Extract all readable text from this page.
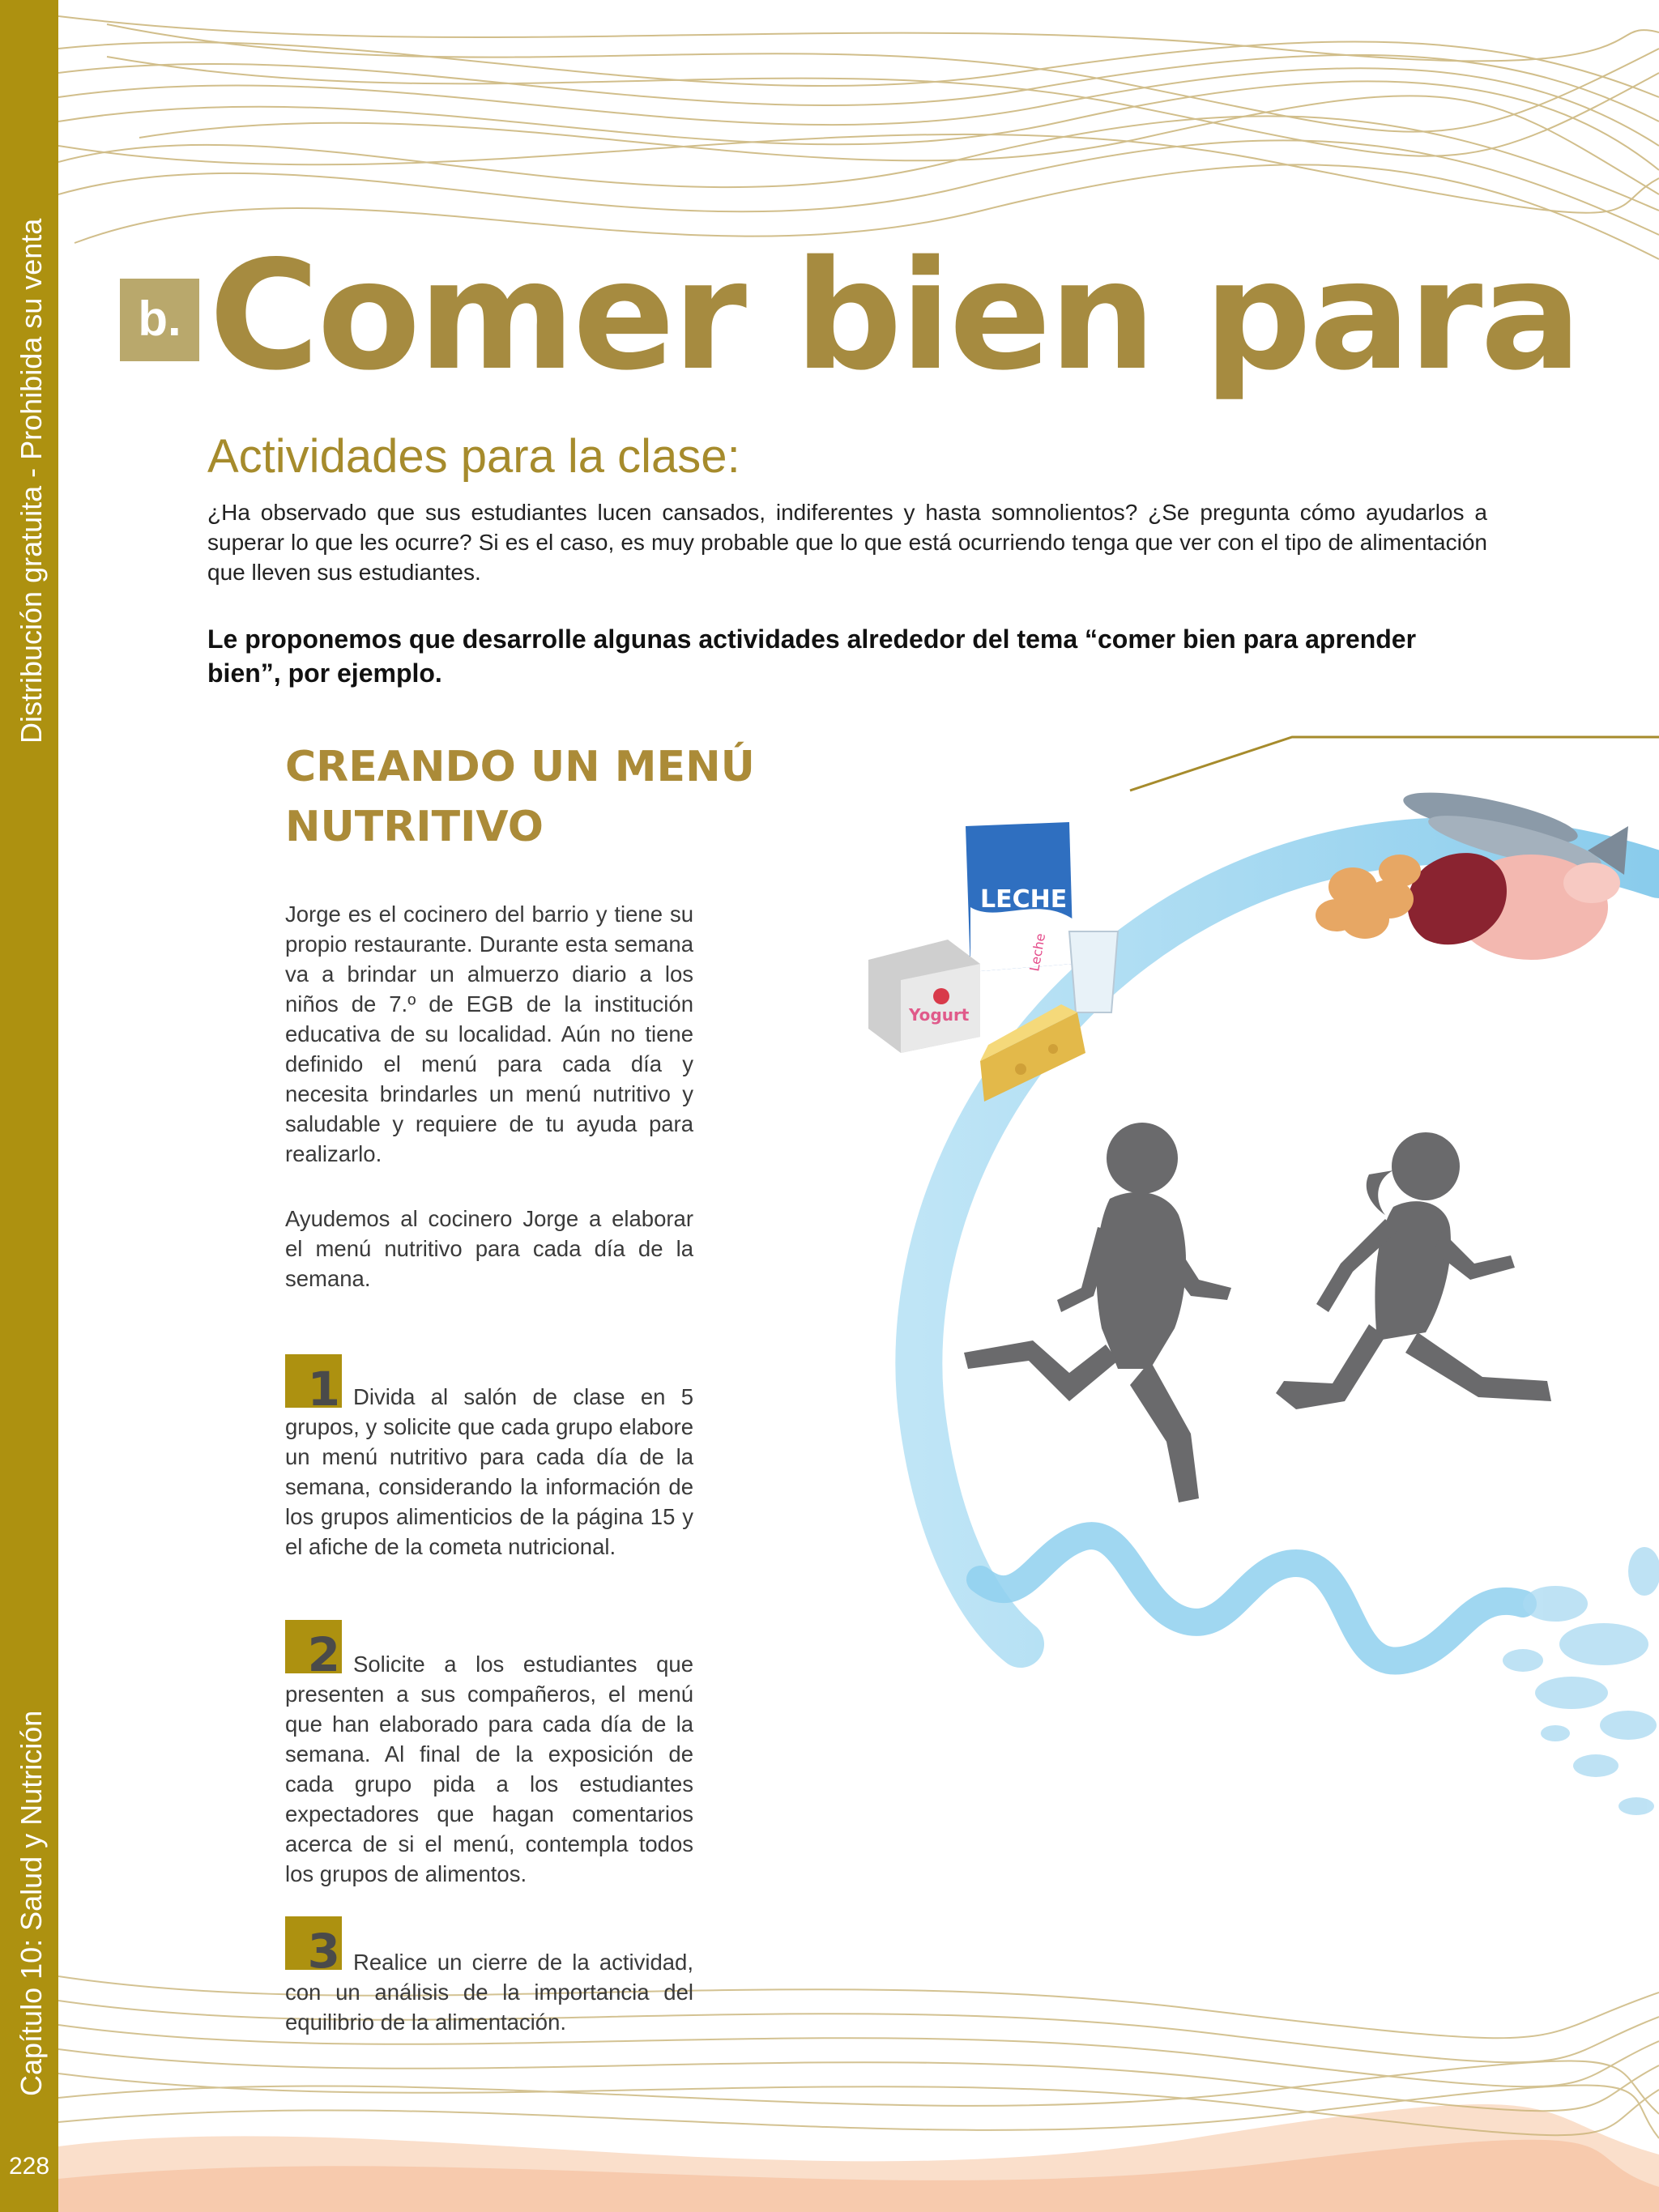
Distribución gratuita - Prohibida su venta
Capítulo 10: Salud y Nutrición
228
b. Comer bien para
Actividades para la clase:
¿Ha observado que sus estudiantes lucen cansados, indiferentes y hasta somnolientos? ¿Se pregunta cómo ayudarlos a superar lo que les ocurre? Si es el caso, es muy probable que lo que está ocurriendo tenga que ver con el tipo de alimentación que lleven sus estudiantes.
Le proponemos que desarrolle algunas actividades alrededor del tema “comer bien para aprender bien”, por ejemplo.
CREANDO UN MENÚ NUTRITIVO
Jorge es el cocinero del barrio y tiene su propio restaurante. Durante esta semana va a brindar un almuerzo diario a los niños de 7.º de EGB de la institución educativa de su localidad. Aún no tiene definido el menú para cada día y necesita brindarles un menú nutritivo y saludable y requiere de tu ayuda para realizarlo.
Ayudemos al cocinero Jorge a elaborar el menú nutritivo para cada día de la semana.
1 Divida al salón de clase en 5 grupos, y solicite que cada grupo elabore un menú nutritivo para cada día de la semana, considerando la información de los grupos alimenticios de la página 15 y el afiche de la cometa nutricional.
2 Solicite a los estudiantes que presenten a sus compañeros, el menú que han elaborado para cada día de la semana. Al final de la exposición de cada grupo pida a los estudiantes expectadores que hagan comentarios acerca de si el menú, contempla todos los grupos de alimentos.
3 Realice un cierre de la actividad, con un análisis de la importancia del equilibrio de la alimentación.
LECHE
Leche
Yogurt
